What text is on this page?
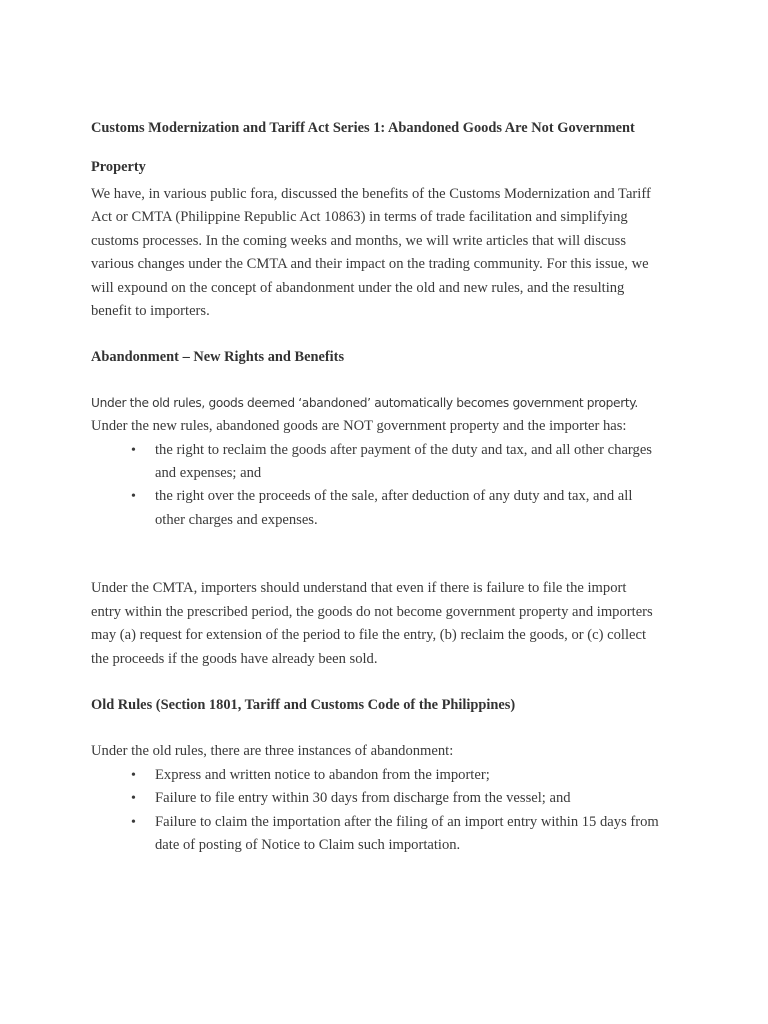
Customs Modernization and Tariff Act Series 1: Abandoned Goods Are Not Government
Property

We have, in various public fora, discussed the benefits of the Customs Modernization and Tariff
Act or CMTA (Philippine Republic Act 10863) in terms of trade facilitation and simplifying
customs processes. In the coming weeks and months, we will write articles that will discuss
various changes under the CMTA and their impact on the trading community. For this issue, we
will expound on the concept of abandonment under the old and new rules, and the resulting
benefit to importers.

Abandonment – New Rights and Benefits

Under the old rules, goods deemed ‘abandoned’ automatically becomes government property.
Under the new rules, abandoned goods are NOT government property and the importer has:

• the right to reclaim the goods after payment of the duty and tax, and all other charges
and expenses; and
• the right over the proceeds of the sale, after deduction of any duty and tax, and all
other charges and expenses.

Under the CMTA, importers should understand that even if there is failure to file the import
entry within the prescribed period, the goods do not become government property and importers
may (a) request for extension of the period to file the entry, (b) reclaim the goods, or (c) collect
the proceeds if the goods have already been sold.

Old Rules (Section 1801, Tariff and Customs Code of the Philippines)

Under the old rules, there are three instances of abandonment:

• Express and written notice to abandon from the importer;
• Failure to file entry within 30 days from discharge from the vessel; and
• Failure to claim the importation after the filing of an import entry within 15 days from
date of posting of Notice to Claim such importation.
